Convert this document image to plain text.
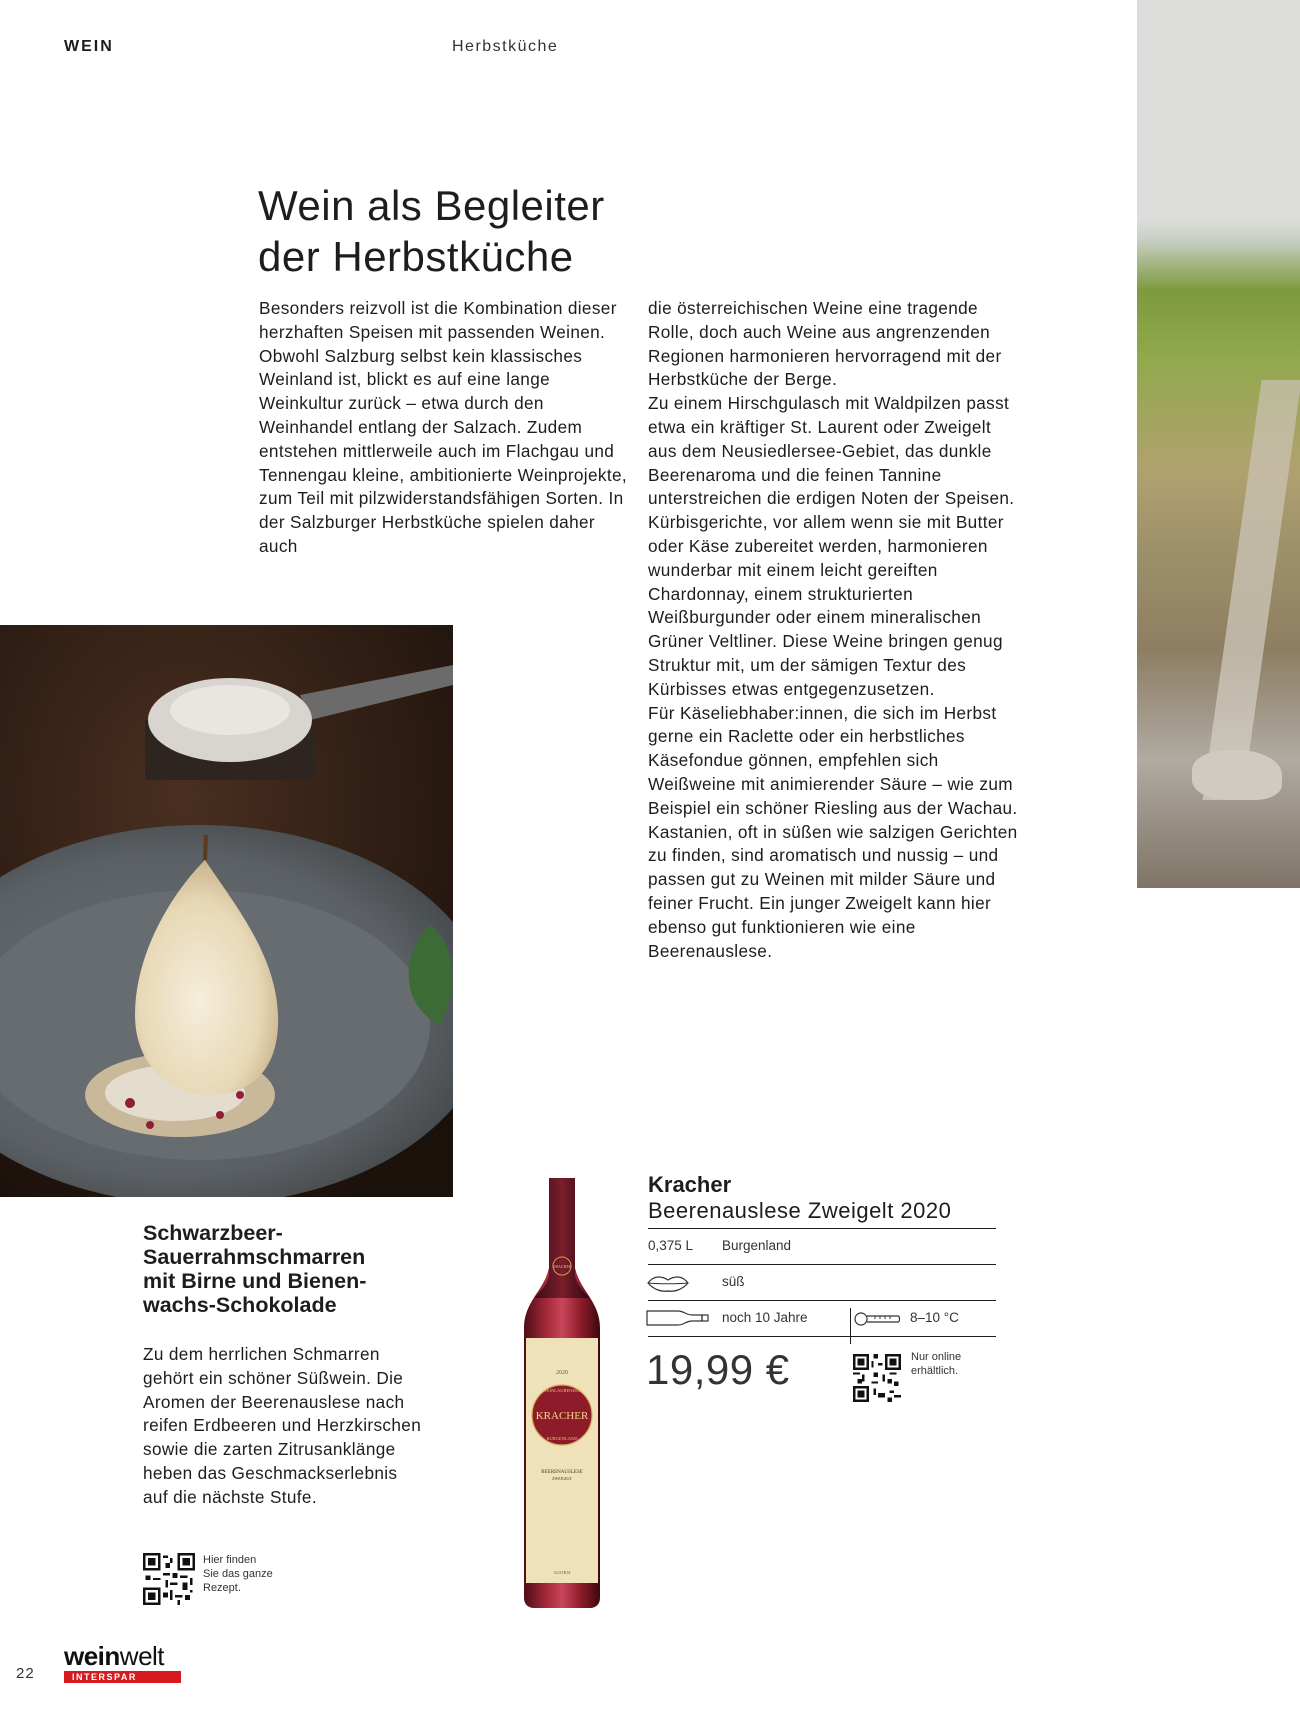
WEIN	Herbstküche
Wein als Begleiter
der Herbstküche

Besonders reizvoll ist die Kombination dieser herzhaften Speisen mit passenden Weinen. Obwohl Salzburg selbst kein klassisches Weinland ist, blickt es auf eine lange Weinkultur zurück – etwa durch den Weinhandel entlang der Salzach. Zudem entstehen mittlerweile auch im Flachgau und Tennengau kleine, ambitionierte Weinprojekte, zum Teil mit pilzwiderstandsfähigen Sorten. In der Salzburger Herbstküche spielen daher auch

die österreichischen Weine eine tragende Rolle, doch auch Weine aus angrenzenden Regionen harmonieren hervorragend mit der Herbstküche der Berge.

Zu einem Hirschgulasch mit Waldpilzen passt etwa ein kräftiger St. Laurent oder Zweigelt aus dem Neusiedlersee-Gebiet, das dunkle Beerenaroma und die feinen Tannine unterstreichen die erdigen Noten der Speisen. Kürbisgerichte, vor allem wenn sie mit Butter oder Käse zubereitet werden, harmonieren wunderbar mit einem leicht gereiften Chardonnay, einem strukturierten Weißburgunder oder einem mineralischen Grüner Veltliner. Diese Weine bringen genug Struktur mit, um der sämigen Textur des Kürbisses etwas entgegenzusetzen.

Für Käseliebhaber:innen, die sich im Herbst gerne ein Raclette oder ein herbstliches Käsefondue gönnen, empfehlen sich Weißweine mit animierender Säure – wie zum Beispiel ein schöner Riesling aus der Wachau. Kastanien, oft in süßen wie salzigen Gerichten zu finden, sind aromatisch und nussig – und passen gut zu Weinen mit milder Säure und feiner Frucht. Ein junger Zweigelt kann hier ebenso gut funktionieren wie eine Beerenauslese.

Schwarzbeer-
Sauerrahmschmarren
mit Birne und Bienen-
wachs-Schokolade

Zu dem herrlichen Schmarren gehört ein schöner Süßwein. Die Aromen der Beerenauslese nach reifen Erdbeeren und Herzkirschen sowie die zarten Zitrusanklänge heben das Geschmackserlebnis auf die nächste Stufe.

Hier finden
Sie das ganze
Rezept.
KRACHER
WEINLAUBENHOF
KRACHER
BURGENLAND
2020
BEERENAUSLESE
ZWEIGELT
AUSTRIA
Kracher
Beerenauslese Zweigelt 2020
0,375 L Burgenland
süß
noch 10 Jahre	8–10 °C
19,99 €	Nur online
erhältlich.
22
weinwelt
INTERSPAR
